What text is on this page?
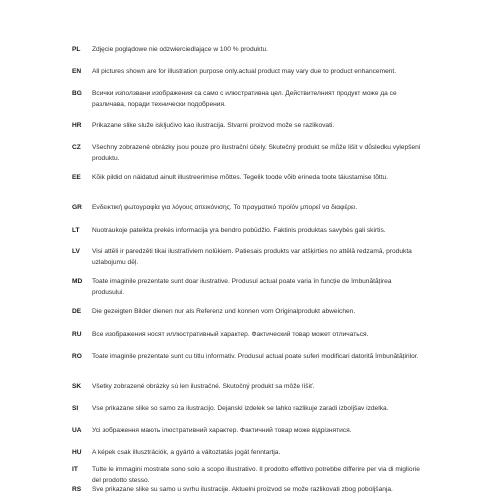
PL	Zdjęcie poglądowe nie odzwierciedlające w 100 % produktu.
EN	All pictures shown are for illustration purpose only.actual product may vary due to product enhancement.
BG	Всички използвани изображения са само с илюстративна цел. Действителният продукт може да се различава, поради технически подобрения.
HR	Prikazane slike služe isključivo kao ilustracija. Stvarni proizvod može se razlikovati.
CZ	Všechny zobrazené obrázky jsou pouze pro ilustrační účely. Skutečný produkt se může lišit v důsledku vylepšení produktu.
EE	Kõik pildid on näidatud ainult illustreerimise mõttes. Tegelik toode võib erineda toote täiustamise tõttu.
GR	Ενδεικτική φωτογραφία για λόγους απεικόνισης. Το πραγματικό προϊόν μπορεί να διαφέρει.
LT	Nuotraukoje pateikta prekės informacija yra bendro pobūdžio. Faktinis produktas savybės gali skirtis.
LV	Visi attēli ir paredzēti tikai ilustratīviem nolūkiem. Patiesais produkts var atšķirties no attēlā redzamā, produkta uzlabojumu dēļ.
MD	Toate imaginile prezentate sunt doar ilustrative. Produsul actual poate varia în funcție de îmbunătățirea produsului.
DE	Die gezeigten Bilder dienen nur als Referenz und konnen vom Originalprodukt abweichen.
RU	Все изображения носят иллюстративный характер. Фактический товар может отличаться.
RO	Toate imaginile prezentate sunt cu titlu informativ. Produsul actual poate suferi modificari datorită îmbunătățirilor.
SK	Všetky zobrazené obrázky sú len ilustračné. Skutočný produkt sa môže líšiť.
SI	Vse prikazane slike so samo za ilustracijo. Dejanski izdelek se lahko razlikuje zaradi izboljšav izdelka.
UA	Усі зображення мають ілюстративний характер. Фактичний товар може відрізнятися.
HU	A képek csak illusztrációk, a gyártó a változtatás jogát fenntartja.
IT	Tutte le immagini mostrate sono solo a scopo illustrativo. Il prodotto effettivo potrebbe differire per via di migliorie del prodotto stesso.
RS	Sve prikazane slike su samo u svrhu ilustracije. Aktuelni proizvod se može razlikovati zbog poboljšanja.
